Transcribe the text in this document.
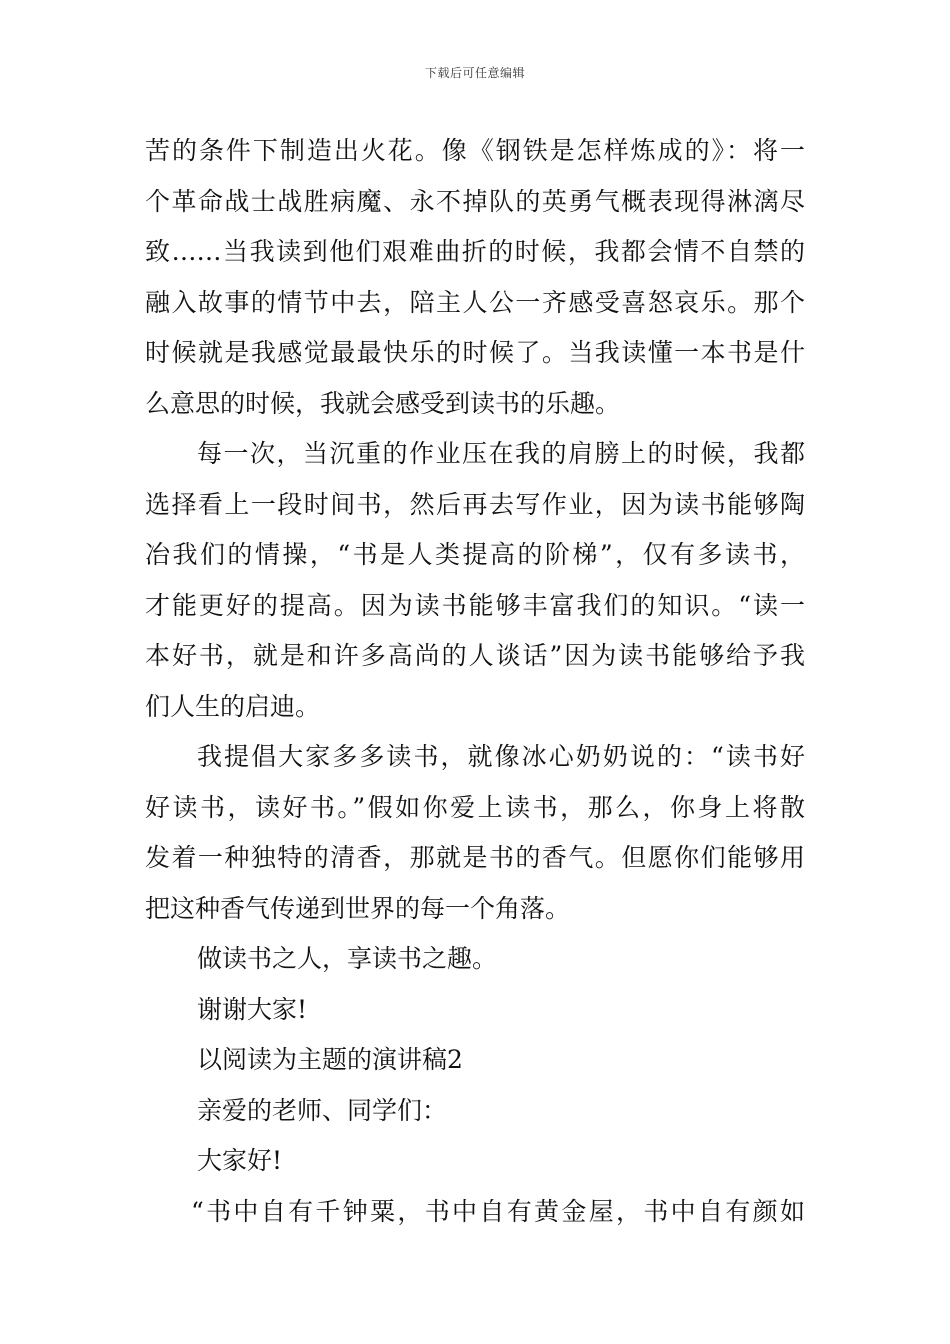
下载后可任意编辑
苦的条件下制造出火花。像《钢铁是怎样炼成的》：将一
个革命战士战胜病魔、永不掉队的英勇气概表现得淋漓尽
致……当我读到他们艰难曲折的时候，我都会情不自禁的
融入故事的情节中去，陪主人公一齐感受喜怒哀乐。那个
时候就是我感觉最最快乐的时候了。当我读懂一本书是什
么意思的时候，我就会感受到读书的乐趣。
每一次，当沉重的作业压在我的肩膀上的时候，我都
选择看上一段时间书，然后再去写作业，因为读书能够陶
冶我们的情操，“书是人类提高的阶梯”，仅有多读书，
才能更好的提高。因为读书能够丰富我们的知识。“读一
本好书，就是和许多高尚的人谈话”因为读书能够给予我
们人生的启迪。
我提倡大家多多读书，就像冰心奶奶说的：“读书好
好读书，读好书。”假如你爱上读书，那么，你身上将散
发着一种独特的清香，那就是书的香气。但愿你们能够用
把这种香气传递到世界的每一个角落。
做读书之人，享读书之趣。
谢谢大家!
以阅读为主题的演讲稿2
亲爱的老师、同学们：
大家好!
“书中自有千钟粟，书中自有黄金屋，书中自有颜如
